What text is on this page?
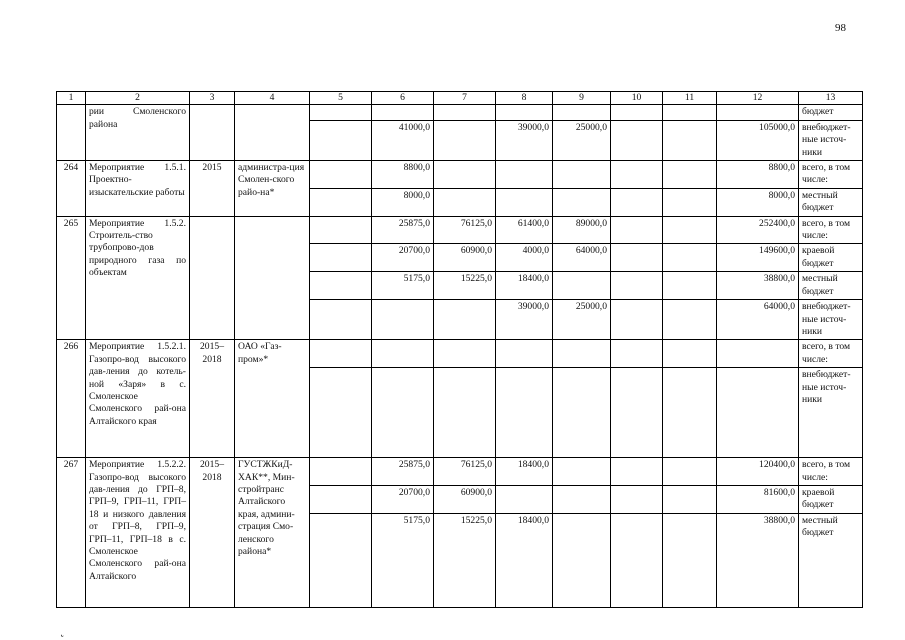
98
1	2	3	4	5	6	7	8	9	10	11	12	13
	рии Смоленского района											бюджет
					41000,0		39000,0	25000,0			105000,0	внебюджет-ные источ-ники
264	Мероприятие 1.5.1. Проектно-изыскательские работы	2015	администра-ция Смолен-ского райо-на*		8800,0						8800,0	всего, в том числе:
					8000,0						8000,0	местный бюджет
265	Мероприятие 1.5.2. Строитель-ство трубопрово-дов природного газа по объектам				25875,0	76125,0	61400,0	89000,0			252400,0	всего, в том числе:
					20700,0	60900,0	4000,0	64000,0			149600,0	краевой бюджет
					5175,0	15225,0	18400,0				38800,0	местный бюджет
							39000,0	25000,0			64000,0	внебюджет-ные источ-ники
266	Мероприятие 1.5.2.1. Газопро-вод высокого дав-ления до котель-ной «Заря» в с. Смоленское Смоленского рай-она Алтайского края	2015–2018	ОАО «Газ-пром»*									всего, в том числе:
												внебюджет-ные источ-ники
267	Мероприятие 1.5.2.2. Газопро-вод высокого дав-ления до ГРП–8, ГРП–9, ГРП–11, ГРП–18 и низкого давления от ГРП–8, ГРП–9, ГРП–11, ГРП–18 в с. Смоленское Смоленского рай-она Алтайского	2015–2018	ГУСТЖКиД-ХАК**, Мин-стройтранс Алтайского края, админи-страция Смо-ленского района*		25875,0	76125,0	18400,0				120400,0	всего, в том числе:
					20700,0	60900,0					81600,0	краевой бюджет
					5175,0	15225,0	18400,0				38800,0	местный бюджет
˛
